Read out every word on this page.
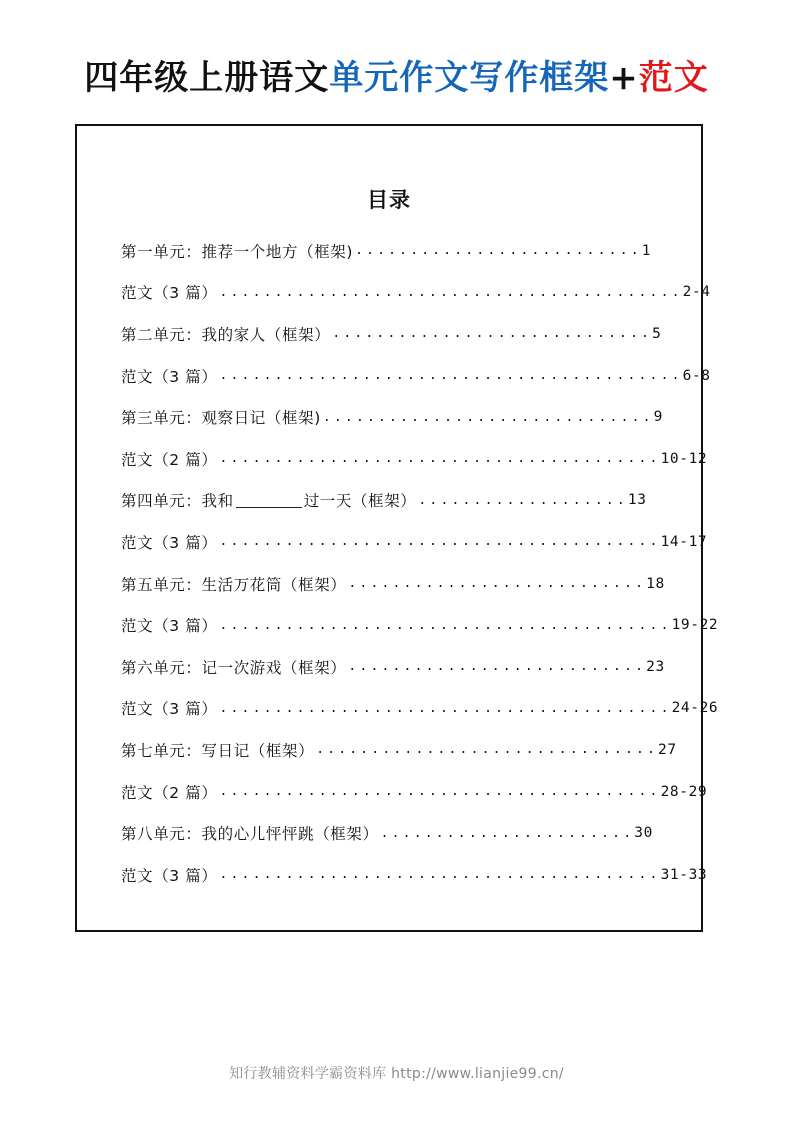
四年级上册语文单元作文写作框架+范文
目录
第一单元：推荐一个地方（框架) .......................... 1
范文（3 篇） .......................................... 2-4
第二单元：我的家人（框架） ............................. 5
范文（3 篇） .......................................... 6-8
第三单元：观察日记（框架) .............................. 9
范文（2 篇） ........................................ 10-12
第四单元：我和	过一天（框架） ................... 13
范文（3 篇） ........................................ 14-17
第五单元：生活万花筒（框架） ........................... 18
范文（3 篇） ......................................... 19-22
第六单元：记一次游戏（框架） ........................... 23
范文（3 篇） ......................................... 24-26
第七单元：写日记（框架） ............................... 27
范文（2 篇） ........................................ 28-29
第八单元：我的心儿怦怦跳（框架） ....................... 30
范文（3 篇） ........................................ 31-33
知行教辅资料学霸资料库 http://www.lianjie99.cn/
